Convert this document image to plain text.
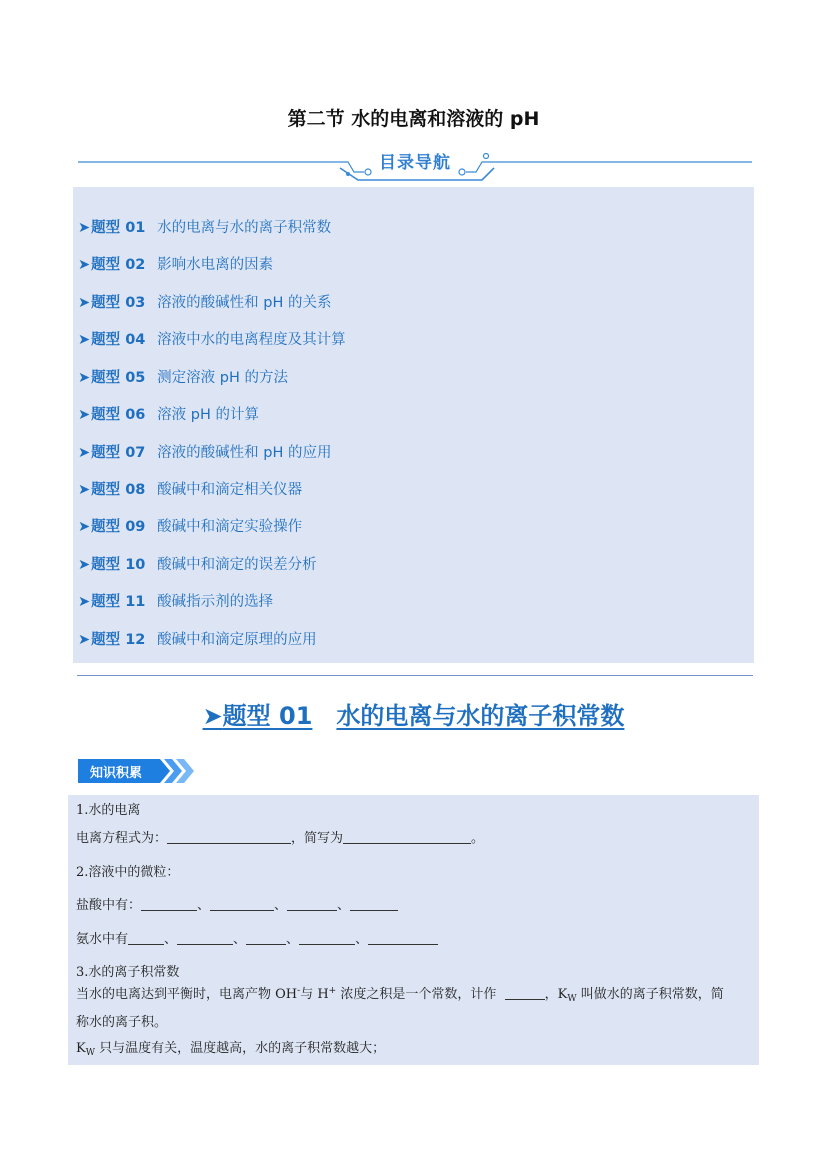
第二节 水的电离和溶液的 pH
目录导航
➤题型 01 水的电离与水的离子积常数
➤题型 02 影响水电离的因素
➤题型 03 溶液的酸碱性和 pH 的关系
➤题型 04 溶液中水的电离程度及其计算
➤题型 05 测定溶液 pH 的方法
➤题型 06 溶液 pH 的计算
➤题型 07 溶液的酸碱性和 pH 的应用
➤题型 08 酸碱中和滴定相关仪器
➤题型 09 酸碱中和滴定实验操作
➤题型 10 酸碱中和滴定的误差分析
➤题型 11 酸碱指示剂的选择
➤题型 12 酸碱中和滴定原理的应用
➤题型 01 水的电离与水的离子积常数
知识积累
1.水的电离
电离方程式为：	，简写为	。
2.溶液中的微粒：
盐酸中有：	、	、	、
氨水中有	、	、	、	、
3.水的离子积常数
当水的电离达到平衡时，电离产物 OH-与 H+ 浓度之积是一个常数，计作	，$K_W$ 叫做水的离子积常数，简
称水的离子积。
$K_W$ 只与温度有关，温度越高，水的离子积常数越大；
